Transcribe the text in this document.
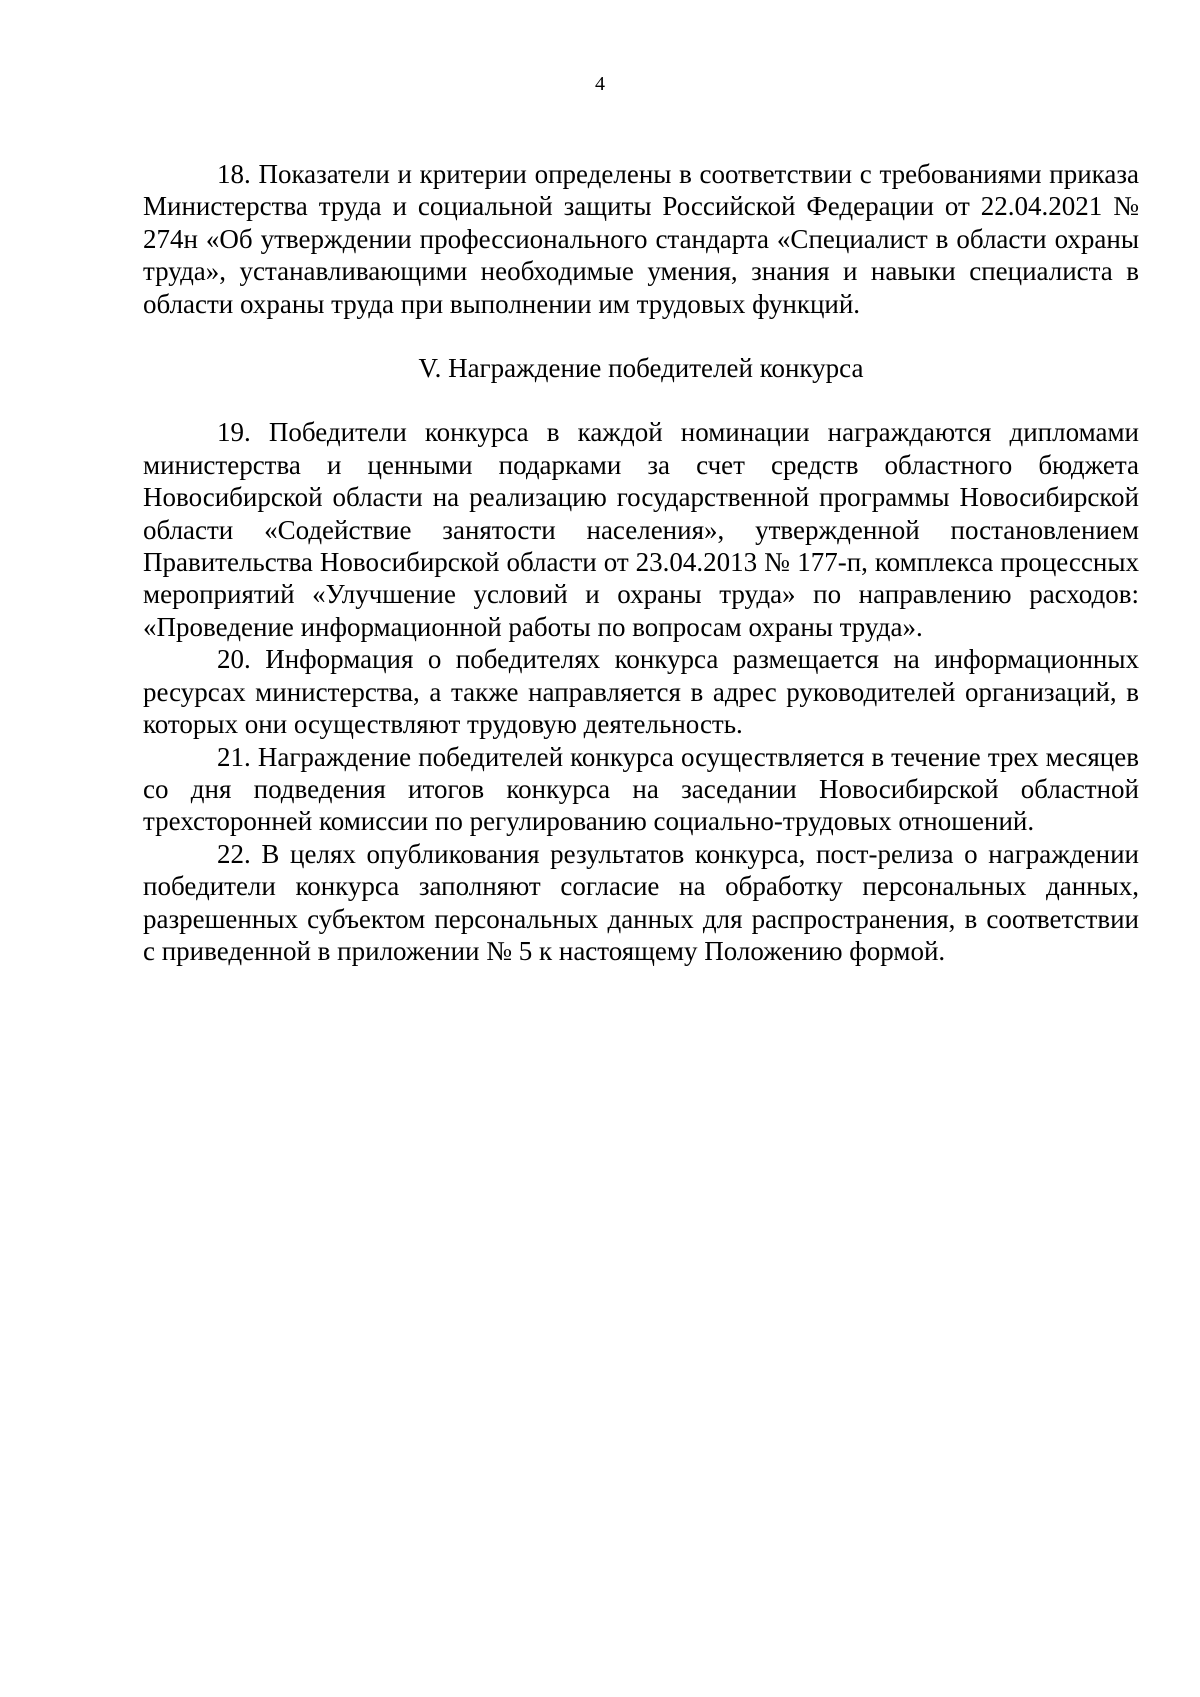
4

18. Показатели и критерии определены в соответствии с требованиями приказа Министерства труда и социальной защиты Российской Федерации от 22.04.2021 № 274н «Об утверждении профессионального стандарта «Специалист в области охраны труда», устанавливающими необходимые умения, знания и навыки специалиста в области охраны труда при выполнении им трудовых функций.

V. Награждение победителей конкурса

19. Победители конкурса в каждой номинации награждаются дипломами министерства и ценными подарками за счет средств областного бюджета Новосибирской области на реализацию государственной программы Новосибирской области «Содействие занятости населения», утвержденной постановлением Правительства Новосибирской области от 23.04.2013 № 177-п, комплекса процессных мероприятий «Улучшение условий и охраны труда» по направлению расходов: «Проведение информационной работы по вопросам охраны труда».

20. Информация о победителях конкурса размещается на информационных ресурсах министерства, а также направляется в адрес руководителей организаций, в которых они осуществляют трудовую деятельность.

21. Награждение победителей конкурса осуществляется в течение трех месяцев со дня подведения итогов конкурса на заседании Новосибирской областной трехсторонней комиссии по регулированию социально-трудовых отношений.

22. В целях опубликования результатов конкурса, пост-релиза о награждении победители конкурса заполняют согласие на обработку персональных данных, разрешенных субъектом персональных данных для распространения, в соответствии с приведенной в приложении № 5 к настоящему Положению формой.
